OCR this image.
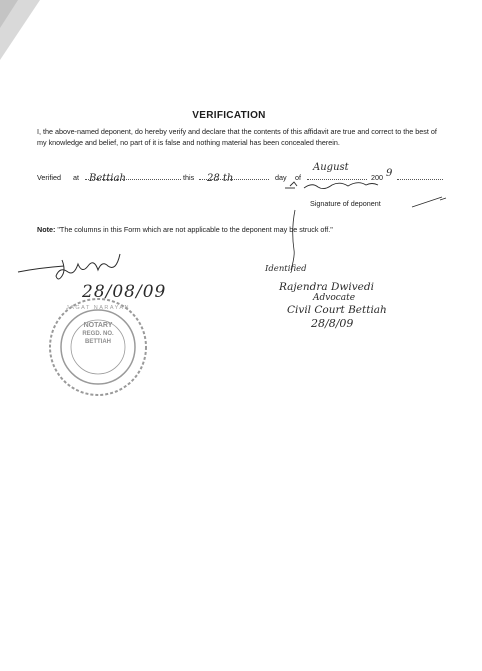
VERIFICATION
I, the above-named deponent, do hereby verify and declare that the contents of this affidavit are true and correct to the best of my knowledge and belief, no part of it is false and nothing material has been concealed therein.
Verified at Bettiah	this 28 th	day of
August
200 9
Signature of deponent
Note: "The columns in this Form which are not applicable to the deponent may be struck off."
28/08/09
NOTARY
REGD. NO.
BETTIAH
JAGAT NARAYAN
Identified
Rajendra Dwivedi
Advocate
Civil Court Bettiah
28/8/09
